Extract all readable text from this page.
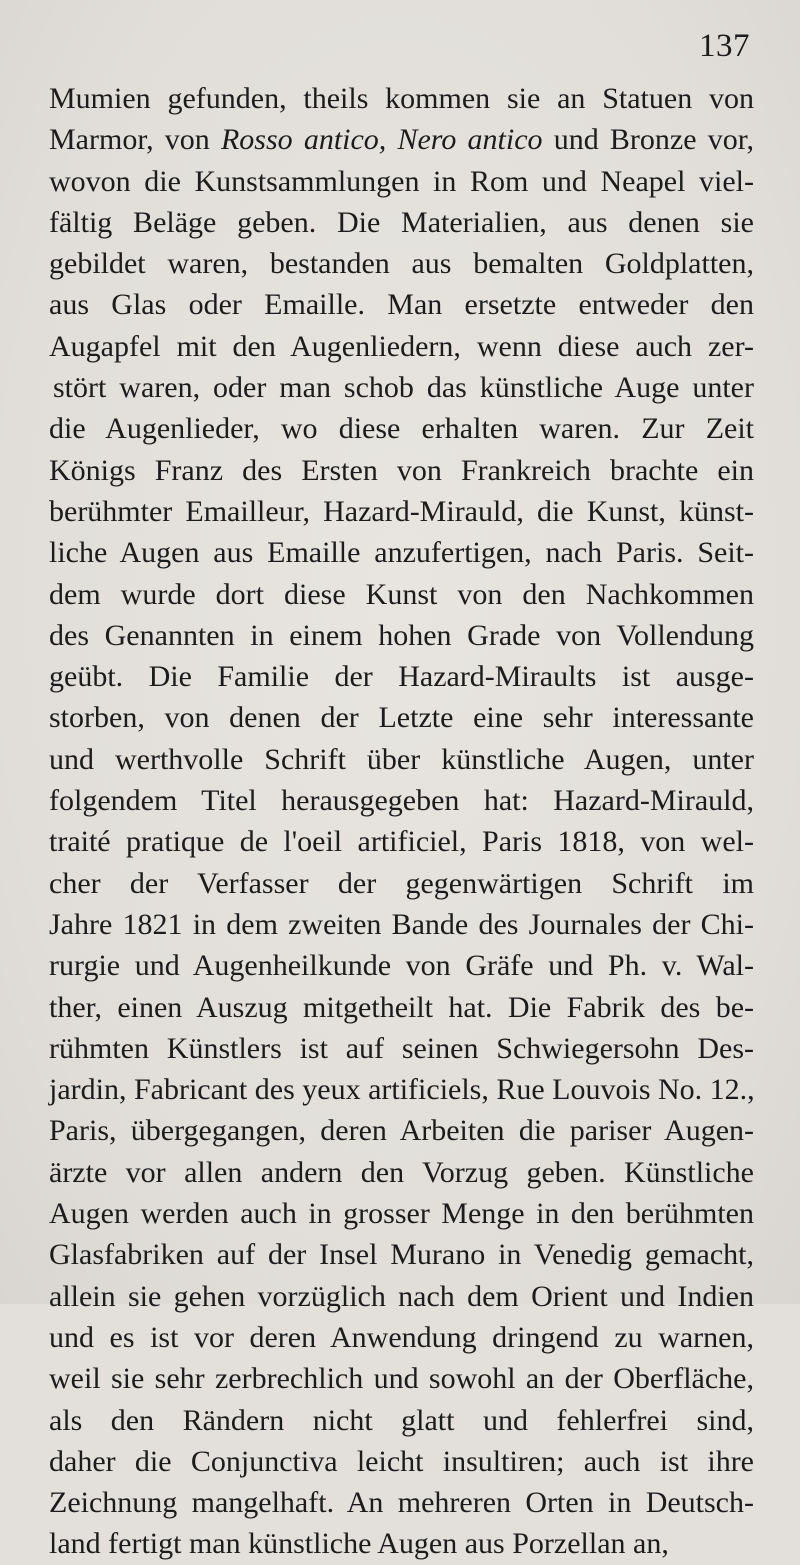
137
Mumien gefunden, theils kommen sie an Statuen von
Marmor, von Rosso antico, Nero antico und Bronze vor,
wovon die Kunstsammlungen in Rom und Neapel viel-
fältig Beläge geben. Die Materialien, aus denen sie
gebildet waren, bestanden aus bemalten Goldplatten,
aus Glas oder Emaille. Man ersetzte entweder den
Augapfel mit den Augenliedern, wenn diese auch zer-
stört waren, oder man schob das künstliche Auge unter
die Augenlieder, wo diese erhalten waren. Zur Zeit
Königs Franz des Ersten von Frankreich brachte ein
berühmter Emailleur, Hazard-Mirauld, die Kunst, künst-
liche Augen aus Emaille anzufertigen, nach Paris. Seit-
dem wurde dort diese Kunst von den Nachkommen
des Genannten in einem hohen Grade von Vollendung
geübt. Die Familie der Hazard-Miraults ist ausge-
storben, von denen der Letzte eine sehr interessante
und werthvolle Schrift über künstliche Augen, unter
folgendem Titel herausgegeben hat: Hazard-Mirauld,
traité pratique de l'oeil artificiel, Paris 1818, von wel-
cher der Verfasser der gegenwärtigen Schrift im
Jahre 1821 in dem zweiten Bande des Journales der Chi-
rurgie und Augenheilkunde von Gräfe und Ph. v. Wal-
ther, einen Auszug mitgetheilt hat. Die Fabrik des be-
rühmten Künstlers ist auf seinen Schwiegersohn Des-
jardin, Fabricant des yeux artificiels, Rue Louvois No. 12.,
Paris, übergegangen, deren Arbeiten die pariser Augen-
ärzte vor allen andern den Vorzug geben. Künstliche
Augen werden auch in grosser Menge in den berühmten
Glasfabriken auf der Insel Murano in Venedig gemacht,
allein sie gehen vorzüglich nach dem Orient und Indien
und es ist vor deren Anwendung dringend zu warnen,
weil sie sehr zerbrechlich und sowohl an der Oberfläche,
als den Rändern nicht glatt und fehlerfrei sind,
daher die Conjunctiva leicht insultiren; auch ist ihre
Zeichnung mangelhaft. An mehreren Orten in Deutsch-
land fertigt man künstliche Augen aus Porzellan an,
